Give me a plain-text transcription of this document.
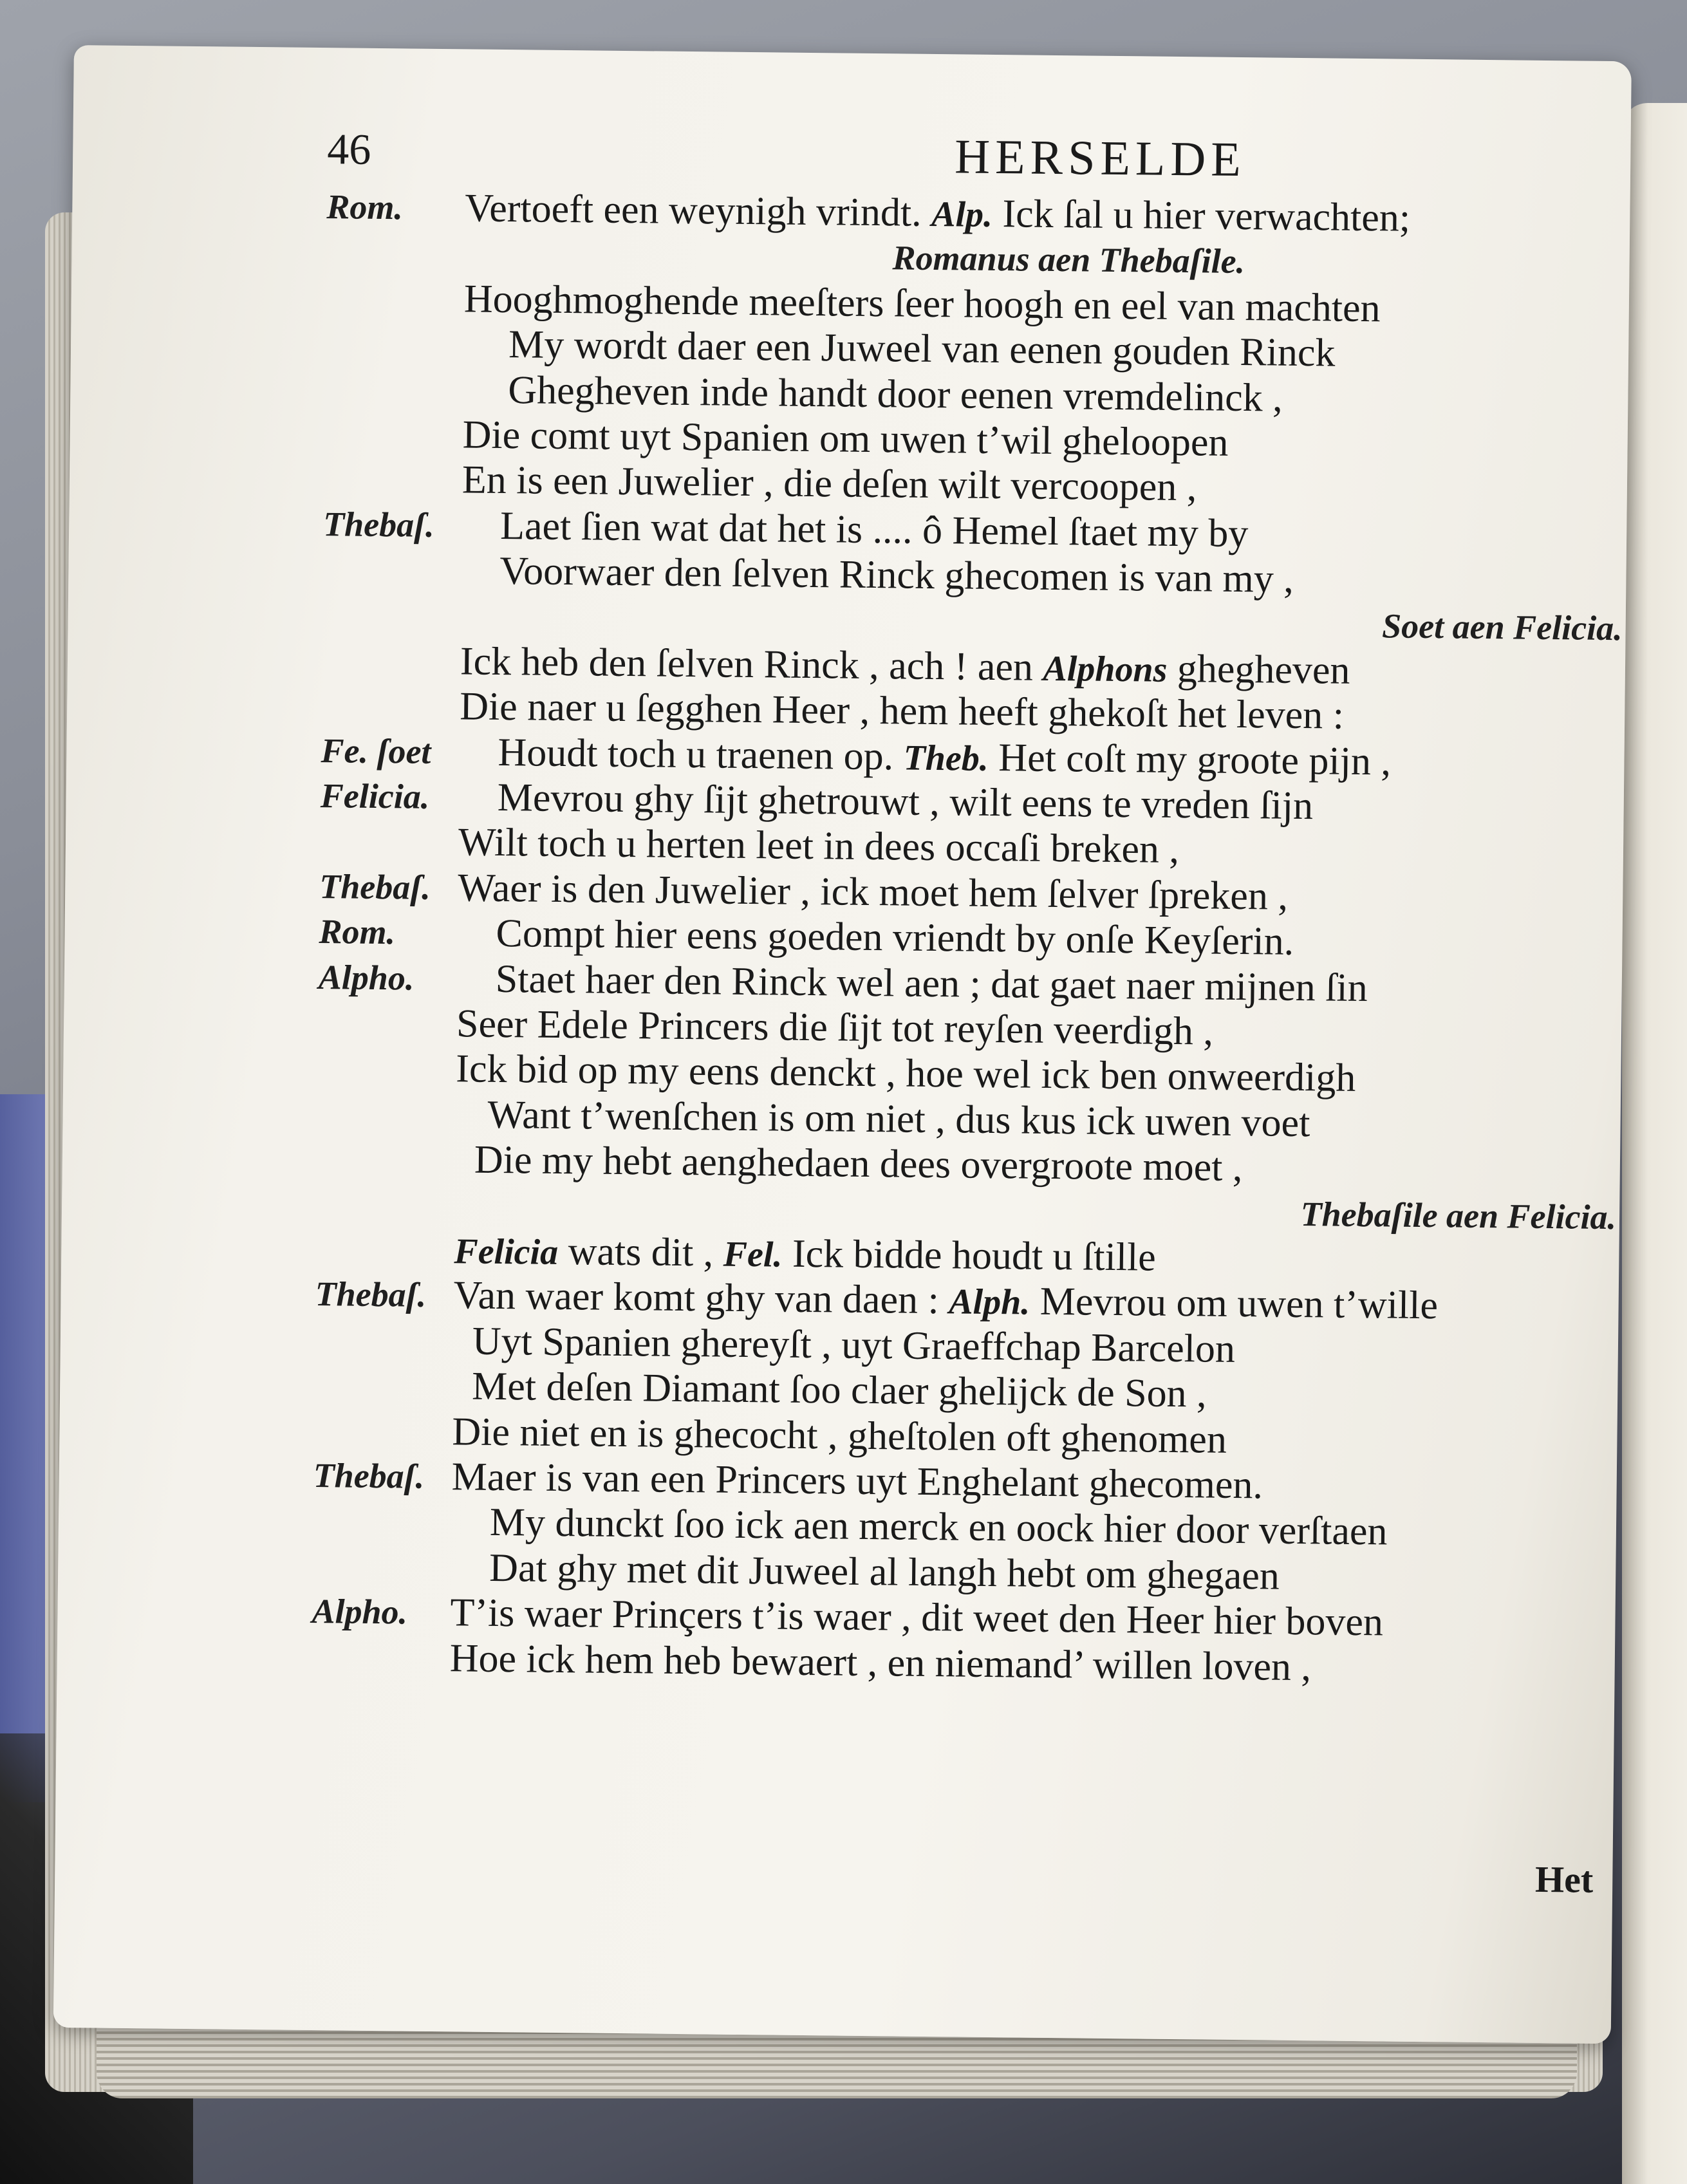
46	HERSELDE
Rom. Vertoeft een weynigh vrindt. Alp. Ick ſal u hier verwachten;
Romanus aen Thebaſile.
Hooghmoghende meeſters ſeer hoogh en eel van machten
My wordt daer een Juweel van eenen gouden Rinck
Ghegheven inde handt door eenen vremdelinck ,
Die comt uyt Spanien om uwen t’wil gheloopen
En is een Juwelier , die deſen wilt vercoopen ,
Thebaſ. Laet ſien wat dat het is .... ô Hemel ſtaet my by
Voorwaer den ſelven Rinck ghecomen is van my ,
Soet aen Felicia.
Ick heb den ſelven Rinck , ach ! aen Alphons ghegheven
Die naer u ſegghen Heer , hem heeft ghekoſt het leven :
Fe. ſoet Houdt toch u traenen op. Theb. Het coſt my groote pijn ,
Felicia. Mevrou ghy ſijt ghetrouwt , wilt eens te vreden ſijn
Wilt toch u herten leet in dees occaſi breken ,
Thebaſ. Waer is den Juwelier , ick moet hem ſelver ſpreken ,
Rom.	Compt hier eens goeden vriendt by onſe Keyſerin.
Alpho. Staet haer den Rinck wel aen ; dat gaet naer mijnen ſin
Seer Edele Princers die ſijt tot reyſen veerdigh ,
Ick bid op my eens denckt , hoe wel ick ben onweerdigh
Want t’wenſchen is om niet , dus kus ick uwen voet
Die my hebt aenghedaen dees overgroote moet ,
Thebaſile aen Felicia.
Felicia wats dit , Fel. Ick bidde houdt u ſtille
Thebaſ. Van waer komt ghy van daen : Alph. Mevrou om uwen t’wille
Uyt Spanien ghereyſt , uyt Graeffchap Barcelon
Met deſen Diamant ſoo claer ghelijck de Son ,
Die niet en is ghecocht , gheſtolen oft ghenomen
Thebaſ. Maer is van een Princers uyt Enghelant ghecomen.
My dunckt ſoo ick aen merck en oock hier door verſtaen
Dat ghy met dit Juweel al langh hebt om ghegaen
Alpho. T’is waer Prinçers t’is waer , dit weet den Heer hier boven
Hoe ick hem heb bewaert , en niemand’ willen loven ,
Het
